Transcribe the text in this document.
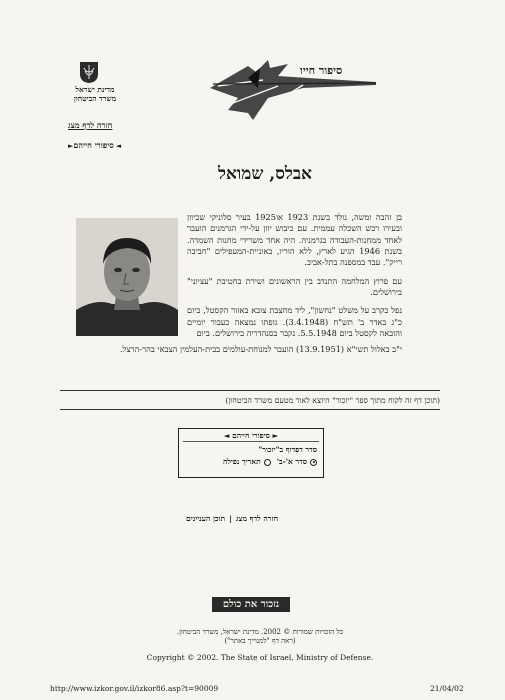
מדינת ישראל
משרד הביטחון
חזרה לדף מצג
◄סיפורי חייהם►
סיפור חייו
אבלס, שמואל

בן זהבה ומשה, נולד בשנת 1923 או1925 בעיר סלוניקי שביוון ובעירו רכש השכלה עממית. עם כיבוש יוון על-ידי הגרמנים הועבר לאחד ממחנות-העבודה בגרמניה. היה אחד משרידי מחנות השמדה. בשנת 1946 הגיע לארץ, ללא הוריו, באוניית-המעפילים "חביבה רייק". עבד במספנה בתל-אביב.

עם פרוץ המלחמה התנדב בין הראשונים ושירת בחטיבת "עציוני" בירושלים.

נפל בקרב על משלט "נחשון", ליד מחצבת צובא באזור הקסטל, ביום כ"ג באדר ב' תש"ח (3.4.1948). גופתו נמצאה כעבור יומיים והובאה לקסטל ביום 5.5.1948. נקבר בסנהדריה בירושלים. ביום

י"ב באלול תשי"א (13.9.1951) הועבר למנוחת-עולמים בבית-העלמין הצבאי בהר-הרצל.
(תוכן דף זה לקוח מתוך ספר "יזכור" היוצא לאור מטעם משרד הביטחון)
► סיפורי חייהם ◄
סדר דפדוף ב"יזכור"
סדר א'-ב'
תאריך נפילה
חזרה לדף מצג|תוכן העניינים
נזכור את כולם
כל הזכויות שמורות © 2002. מדינת ישראל, משרד הביטחון.
(ראה דף "למנוייך באתר")
Copyright © 2002. The State of Israel, Ministry of Defense.
http://www.izkor.gov.il/izkor86.asp?t=90009	21/04/02
